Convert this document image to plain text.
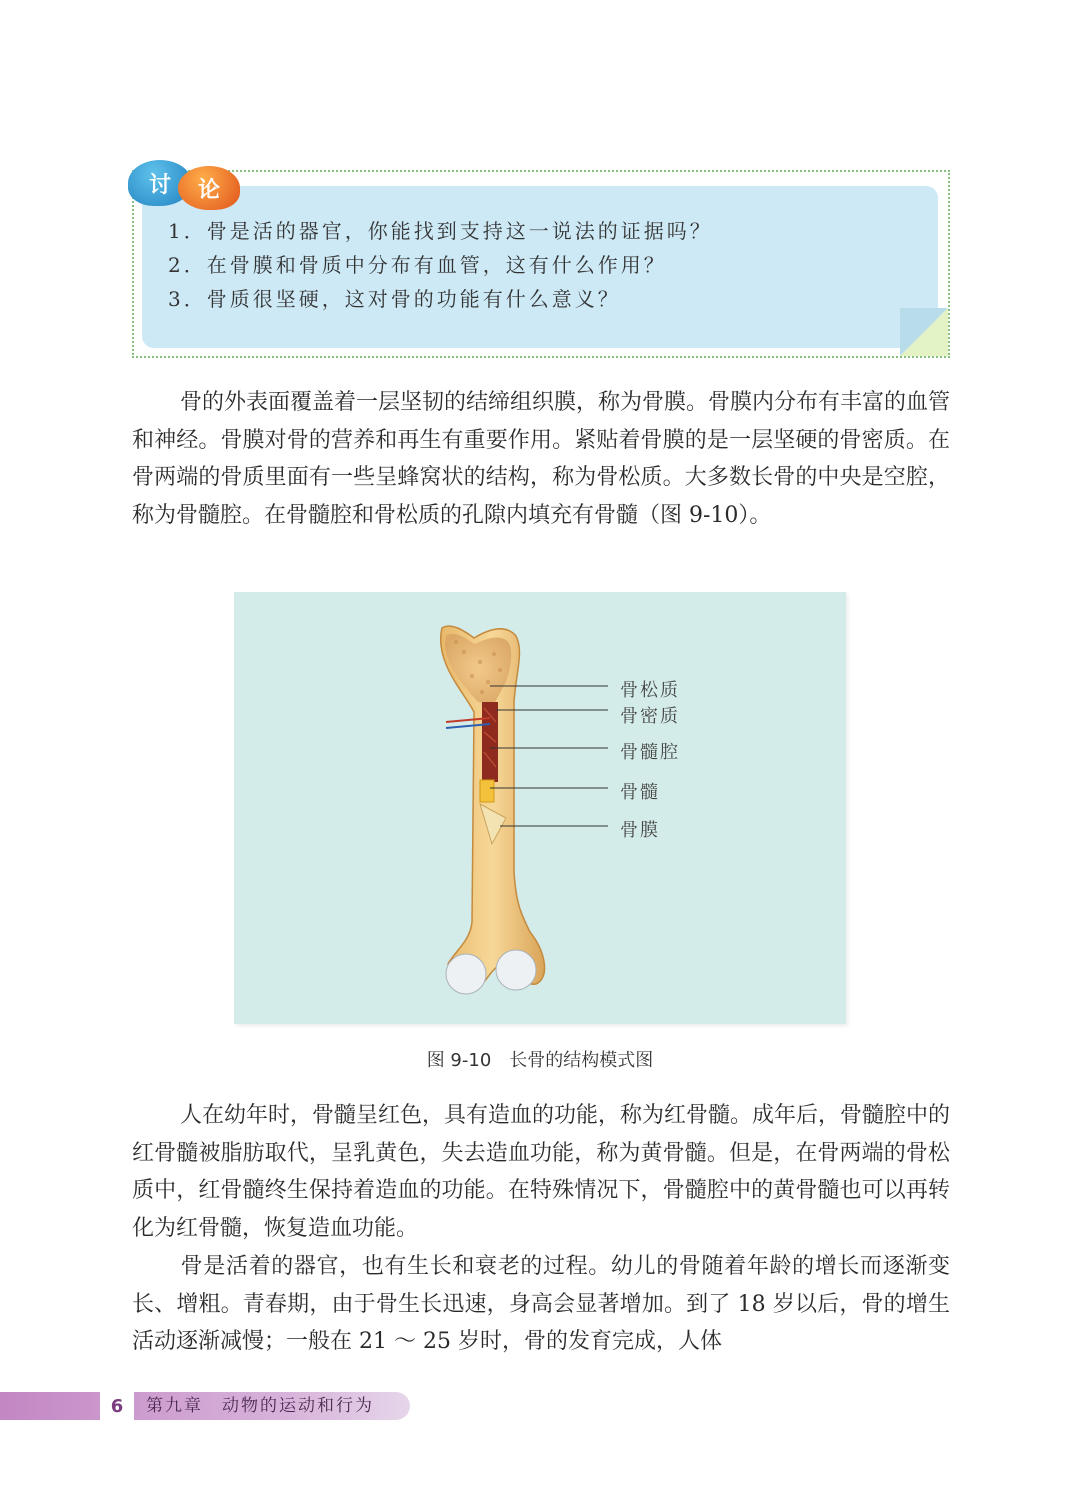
讨 论
1．骨是活的器官，你能找到支持这一说法的证据吗？
2．在骨膜和骨质中分布有血管，这有什么作用？
3．骨质很坚硬，这对骨的功能有什么意义？

骨的外表面覆盖着一层坚韧的结缔组织膜，称为骨膜。骨膜内分布有丰富的血管和神经。骨膜对骨的营养和再生有重要作用。紧贴着骨膜的是一层坚硬的骨密质。在骨两端的骨质里面有一些呈蜂窝状的结构，称为骨松质。大多数长骨的中央是空腔，称为骨髓腔。在骨髓腔和骨松质的孔隙内填充有骨髓（图 9-10）。

骨松质
骨密质
骨髓腔
骨髓
骨膜
图 9-10　长骨的结构模式图

人在幼年时，骨髓呈红色，具有造血的功能，称为红骨髓。成年后，骨髓腔中的红骨髓被脂肪取代，呈乳黄色，失去造血功能，称为黄骨髓。但是，在骨两端的骨松质中，红骨髓终生保持着造血的功能。在特殊情况下，骨髓腔中的黄骨髓也可以再转化为红骨髓，恢复造血功能。

骨是活着的器官，也有生长和衰老的过程。幼儿的骨随着年龄的增长而逐渐变长、增粗。青春期，由于骨生长迅速，身高会显著增加。到了 18 岁以后，骨的增生活动逐渐减慢；一般在 21 ～ 25 岁时，骨的发育完成，人体

6	第九章　动物的运动和行为
